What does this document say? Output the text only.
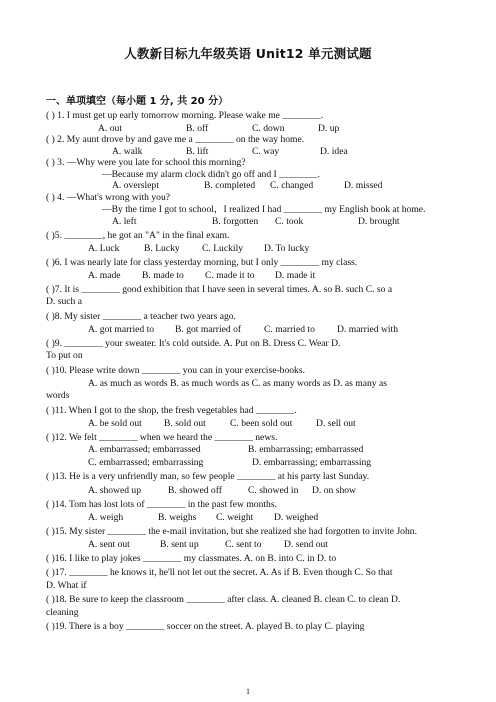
人教新目标九年级英语 Unit12 单元测试题
一、单项填空（每小题 1 分, 共 20 分）
( ) 1. I must get up early tomorrow morning. Please wake me ________.
A. out	B. off	C. down	D. up
( ) 2. My aunt drove by and gave me a ________ on the way home.
A. walk	B. lift	C. way	D. idea
( ) 3. —Why were you late for school this morning?
—Because my alarm clock didn't go off and I ________.
A. overslept	B. completed C. changed	D. missed
( ) 4. —What's wrong with you?
—By the time I got to school，I realized I had ________ my English book at home.
A. left	B. forgotten C. took	D. brought
( )5. ________, he got an "A" in the final exam.
A. Luck	B. Lucky C. Luckily D. To lucky
( )6. I was nearly late for class yesterday morning, but I only ________ my class.
A. made B. made to C. made it to D. made it
( )7. It is ________ good exhibition that I have seen in several times. A. so B. such C. so a
D. such a
( )8. My sister ________ a teacher two years ago.
A. got married to B. got married of C. married to D. married with
( )9. ________ your sweater. It's cold outside. A. Put on B. Dress C. Wear D.
To put on
( )10. Please write down ________ you can in your exercise-books.
A. as much as words B. as much words as C. as many words as D. as many as
words
( )11. When I got to the shop, the fresh vegetables had ________.
A. be sold out B. sold out	C. been sold out D. sell out
( )12. We felt ________ when we heard the ________ news.
A. embarrassed; embarrassed	B. embarrassing; embarrassed
C. embarrassed; embarrassing	D. embarrassing; embarrassing
( )13. He is a very unfriendly man, so few people ________ at his party last Sunday.
A. showed up	B. showed off	C. showed in D. on show
( )14. Tom has lost lots of ________ in the past few months.
A. weigh	B. weighs C. weight D. weighed
( )15. My sister ________ the e-mail invitation, but she realized she had forgotten to invite John.
A. sent out	B. sent up	C. sent to D. send out
( )16. I like to play jokes ________ my classmates. A. on B. into C. in D. to
( )17. ________ he knows it, he'll not let out the secret. A. As if B. Even though C. So that
D. What if
( )18. Be sure to keep the classroom ________ after class. A. cleaned B. clean C. to clean D.
cleaning
( )19. There is a boy ________ soccer on the street. A. played B. to play C. playing
1
